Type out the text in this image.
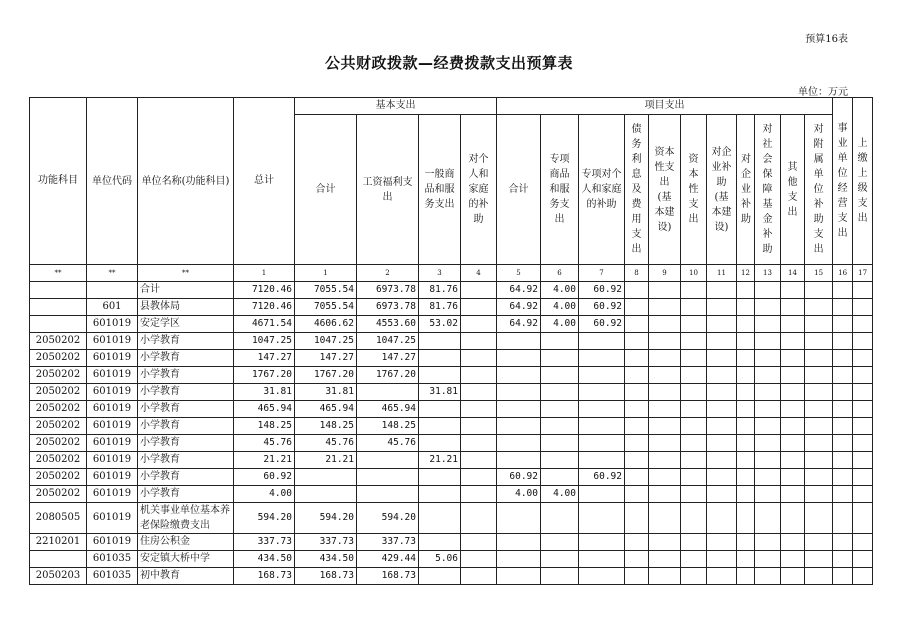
预算16表
公共财政拨款—经费拨款支出预算表
单位：万元
功能科目	单位代码	单位名称(功能科目)	总计	基本支出				项目支出											事业单位经营支出	上缴上级支出
				合计	工资福利支出	一般商品和服务支出	对个人和家庭的补助	合计	专项商品和服务支出	专项对个人和家庭的补助	债务利息及费用支出	资本性支出(基本建设)	资本性支出	对企业补助(基本建设)	对企业补助	对社会保障基金补助	其他支出	对附属单位补助支出		
**	**	**	1	1	2	3	4	5	6	7	8	9	10	11	12	13	14	15	16	17
		合计	7120.46	7055.54	6973.78	81.76		64.92	4.00	60.92										
	601	县教体局	7120.46	7055.54	6973.78	81.76		64.92	4.00	60.92										
	601019	安定学区	4671.54	4606.62	4553.60	53.02		64.92	4.00	60.92										
2050202	601019	小学教育	1047.25	1047.25	1047.25															
2050202	601019	小学教育	147.27	147.27	147.27															
2050202	601019	小学教育	1767.20	1767.20	1767.20															
2050202	601019	小学教育	31.81	31.81		31.81														
2050202	601019	小学教育	465.94	465.94	465.94															
2050202	601019	小学教育	148.25	148.25	148.25															
2050202	601019	小学教育	45.76	45.76	45.76															
2050202	601019	小学教育	21.21	21.21		21.21														
2050202	601019	小学教育	60.92					60.92		60.92										
2050202	601019	小学教育	4.00					4.00	4.00											
2080505	601019	机关事业单位基本养老保险缴费支出	594.20	594.20	594.20															
2210201	601019	住房公积金	337.73	337.73	337.73															
	601035	安定镇大桥中学	434.50	434.50	429.44	5.06														
2050203	601035	初中教育	168.73	168.73	168.73															
